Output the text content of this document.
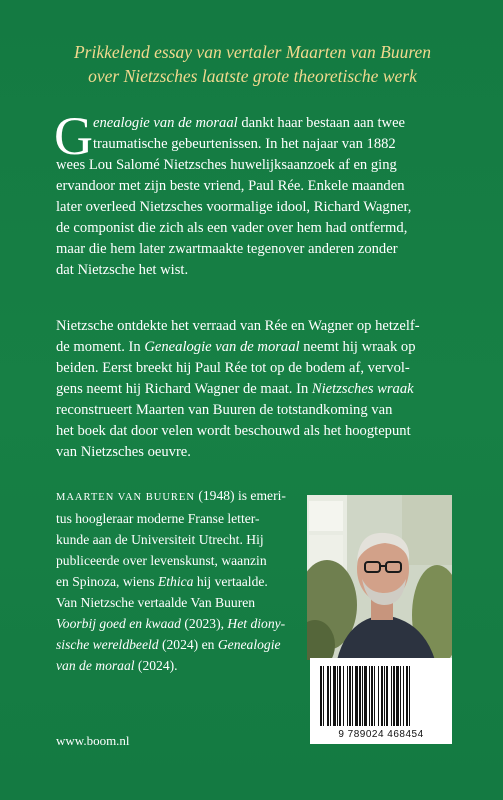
Prikkelend essay van vertaler Maarten van Buuren
over Nietzsches laatste grote theoretische werk
G enealogie van de moraal dankt haar bestaan aan twee
traumatische gebeurtenissen. In het najaar van 1882
wees Lou Salomé Nietzsches huwelijksaanzoek af en ging
ervandoor met zijn beste vriend, Paul Rée. Enkele maanden
later overleed Nietzsches voormalige idool, Richard Wagner,
de componist die zich als een vader over hem had ontfermd,
maar die hem later zwartmaakte tegenover anderen zonder
dat Nietzsche het wist.
Nietzsche ontdekte het verraad van Rée en Wagner op hetzelf-
de moment. In Genealogie van de moraal neemt hij wraak op
beiden. Eerst breekt hij Paul Rée tot op de bodem af, vervol-
gens neemt hij Richard Wagner de maat. In Nietzsches wraak
reconstrueert Maarten van Buuren de totstandkoming van
het boek dat door velen wordt beschouwd als het hoogtepunt
van Nietzsches oeuvre.
MAARTEN VAN BUUREN (1948) is emeri-
tus hoogleraar moderne Franse letter-
kunde aan de Universiteit Utrecht. Hij
publiceerde over levenskunst, waanzin
en Spinoza, wiens Ethica hij vertaalde.
Van Nietzsche vertaalde Van Buuren
Voorbij goed en kwaad (2023), Het diony-
sische wereldbeeld (2024) en Genealogie
van de moraal (2024).
9 789024 468454
www.boom.nl
